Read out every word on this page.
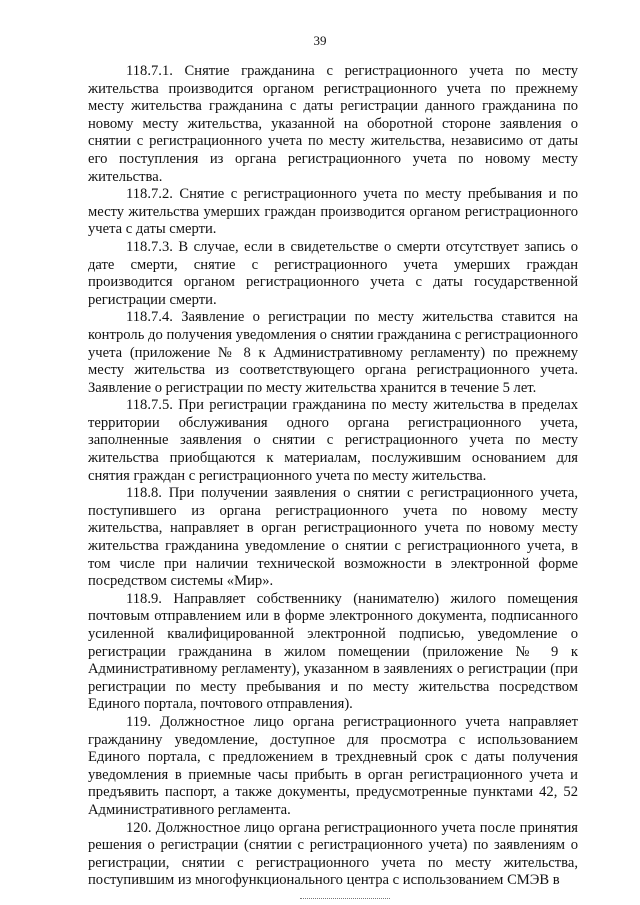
39

118.7.1. Снятие гражданина с регистрационного учета по месту жительства производится органом регистрационного учета по прежнему месту жительства гражданина с даты регистрации данного гражданина по новому месту жительства, указанной на оборотной стороне заявления о снятии с регистрационного учета по месту жительства, независимо от даты его поступления из органа регистрационного учета по новому месту жительства.

118.7.2. Снятие с регистрационного учета по месту пребывания и по месту жительства умерших граждан производится органом регистрационного учета с даты смерти.

118.7.3. В случае, если в свидетельстве о смерти отсутствует запись о дате смерти, снятие с регистрационного учета умерших граждан производится органом регистрационного учета с даты государственной регистрации смерти.

118.7.4. Заявление о регистрации по месту жительства ставится на контроль до получения уведомления о снятии гражданина с регистрационного учета (приложение № 8 к Административному регламенту) по прежнему месту жительства из соответствующего органа регистрационного учета. Заявление о регистрации по месту жительства хранится в течение 5 лет.

118.7.5. При регистрации гражданина по месту жительства в пределах территории обслуживания одного органа регистрационного учета, заполненные заявления о снятии с регистрационного учета по месту жительства приобщаются к материалам, послужившим основанием для снятия граждан с регистрационного учета по месту жительства.

118.8. При получении заявления о снятии с регистрационного учета, поступившего из органа регистрационного учета по новому месту жительства, направляет в орган регистрационного учета по новому месту жительства гражданина уведомление о снятии с регистрационного учета, в том числе при наличии технической возможности в электронной форме посредством системы «Мир».

118.9. Направляет собственнику (нанимателю) жилого помещения почтовым отправлением или в форме электронного документа, подписанного усиленной квалифицированной электронной подписью, уведомление о регистрации гражданина в жилом помещении (приложение № 9 к Административному регламенту), указанном в заявлениях о регистрации (при регистрации по месту пребывания и по месту жительства посредством Единого портала, почтового отправления).

119. Должностное лицо органа регистрационного учета направляет гражданину уведомление, доступное для просмотра с использованием Единого портала, с предложением в трехдневный срок с даты получения уведомления в приемные часы прибыть в орган регистрационного учета и предъявить паспорт, а также документы, предусмотренные пунктами 42, 52 Административного регламента.

120. Должностное лицо органа регистрационного учета после принятия решения о регистрации (снятии с регистрационного учета) по заявлениям о регистрации, снятии с регистрационного учета по месту жительства, поступившим из многофункционального центра с использованием СМЭВ в
